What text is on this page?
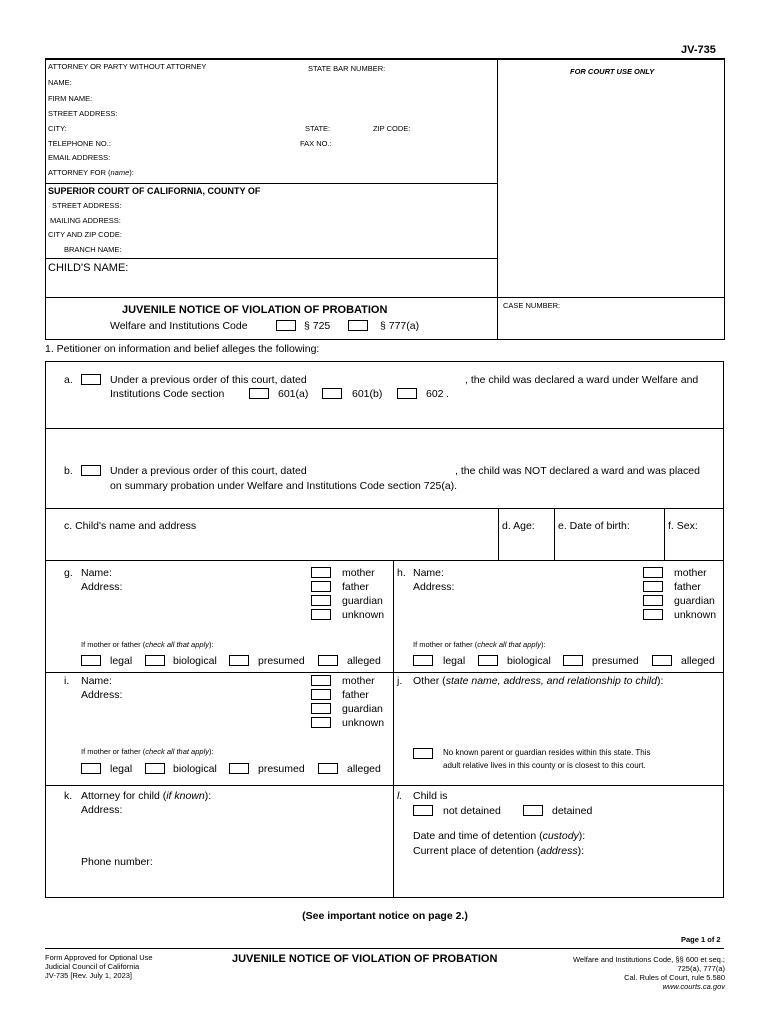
JV-735
ATTORNEY OR PARTY WITHOUT ATTORNEY	STATE BAR NUMBER:	FOR COURT USE ONLY
NAME:
FIRM NAME:
STREET ADDRESS:
CITY:	STATE:	ZIP CODE:
TELEPHONE NO.:	FAX NO.:
EMAIL ADDRESS:
ATTORNEY FOR (name):
SUPERIOR COURT OF CALIFORNIA, COUNTY OF
STREET ADDRESS:
MAILING ADDRESS:
CITY AND ZIP CODE:
BRANCH NAME:
CHILD'S NAME:
JUVENILE NOTICE OF VIOLATION OF PROBATION
Welfare and Institutions Code	§ 725	§ 777(a)
CASE NUMBER:
1. Petitioner on information and belief alleges the following:
a.	Under a previous order of this court, dated	, the child was declared a ward under Welfare and
Institutions Code section	601(a)	601(b)	602 .
b.	Under a previous order of this court, dated	, the child was NOT declared a ward and was placed
on summary probation under Welfare and Institutions Code section 725(a).
c. Child's name and address	d. Age: e. Date of birth:	f. Sex:
g. Name:
Address:
mother
father
guardian
unknown
If mother or father (check all that apply):
legal	biological	presumed	alleged
h. Name:
Address:
mother
father
guardian
unknown
If mother or father (check all that apply):
legal	biological	presumed	alleged
i. Name:
Address:
mother
father
guardian
unknown
If mother or father (check all that apply):
legal	biological	presumed	alleged
j. Other (state name, address, and relationship to child):
No known parent or guardian resides within this state. This
adult relative lives in this county or is closest to this court.
k. Attorney for child (if known):
Address:
Phone number:
l. Child is
not detained	detained
Date and time of detention (custody):
Current place of detention (address):
(See important notice on page 2.)
Page 1 of 2
Form Approved for Optional Use
Judicial Council of California
JV-735 [Rev. July 1, 2023]
JUVENILE NOTICE OF VIOLATION OF PROBATION	Welfare and Institutions Code, §§ 600 et seq.;
725(a), 777(a)
Cal. Rules of Court, rule 5.580
www.courts.ca.gov
